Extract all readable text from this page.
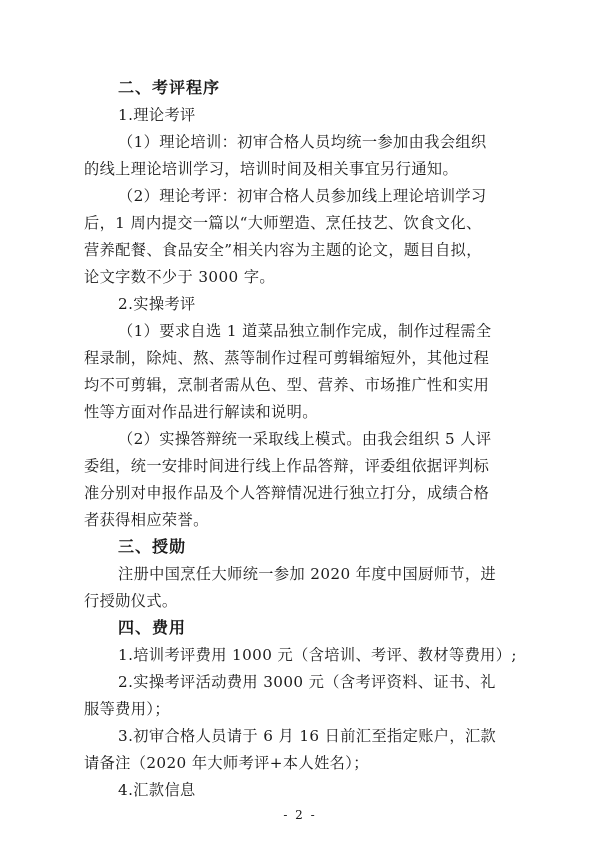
二、考评程序
1.理论考评
（1）理论培训：初审合格人员均统一参加由我会组织
的线上理论培训学习，培训时间及相关事宜另行通知。
（2）理论考评：初审合格人员参加线上理论培训学习
后，1 周内提交一篇以“大师塑造、烹任技艺、饮食文化、
营养配餐、食品安全”相关内容为主题的论文，题目自拟，
论文字数不少于 3000 字。
2.实操考评
（1）要求自选 1 道菜品独立制作完成，制作过程需全
程录制，除炖、熬、蒸等制作过程可剪辑缩短外，其他过程
均不可剪辑，烹制者需从色、型、营养、市场推广性和实用
性等方面对作品进行解读和说明。
（2）实操答辩统一采取线上模式。由我会组织 5 人评
委组，统一安排时间进行线上作品答辩，评委组依据评判标
准分别对申报作品及个人答辩情况进行独立打分，成绩合格
者获得相应荣誉。
三、授勋
注册中国烹任大师统一参加 2020 年度中国厨师节，进
行授勋仪式。
四、费用
1.培训考评费用 1000 元（含培训、考评、教材等费用）;
2.实操考评活动费用 3000 元（含考评资料、证书、礼
服等费用）；
3.初审合格人员请于 6 月 16 日前汇至指定账户，汇款
请备注（2020 年大师考评+本人姓名）；
4.汇款信息
- 2 -
